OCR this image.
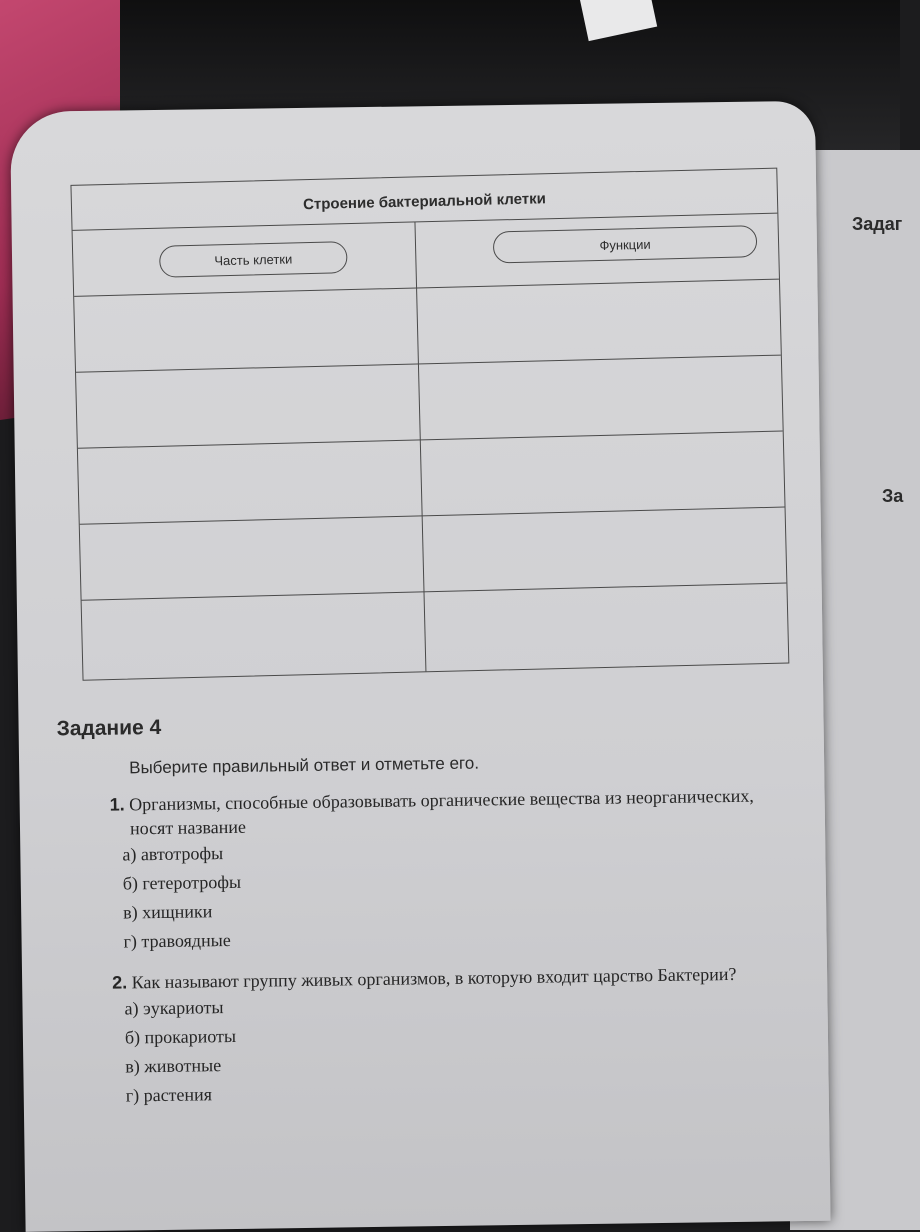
Задаг
За
Строение бактериальной клетки
Часть клетки
Функции
Задание 4
Выберите правильный ответ и отметьте его.
1. Организмы, способные образовывать органические вещества из неорганических, носят название
а) автотрофы
б) гетеротрофы
в) хищники
г) травоядные
2. Как называют группу живых организмов, в которую входит царство Бактерии?
а) эукариоты
б) прокариоты
в) животные
г) растения
